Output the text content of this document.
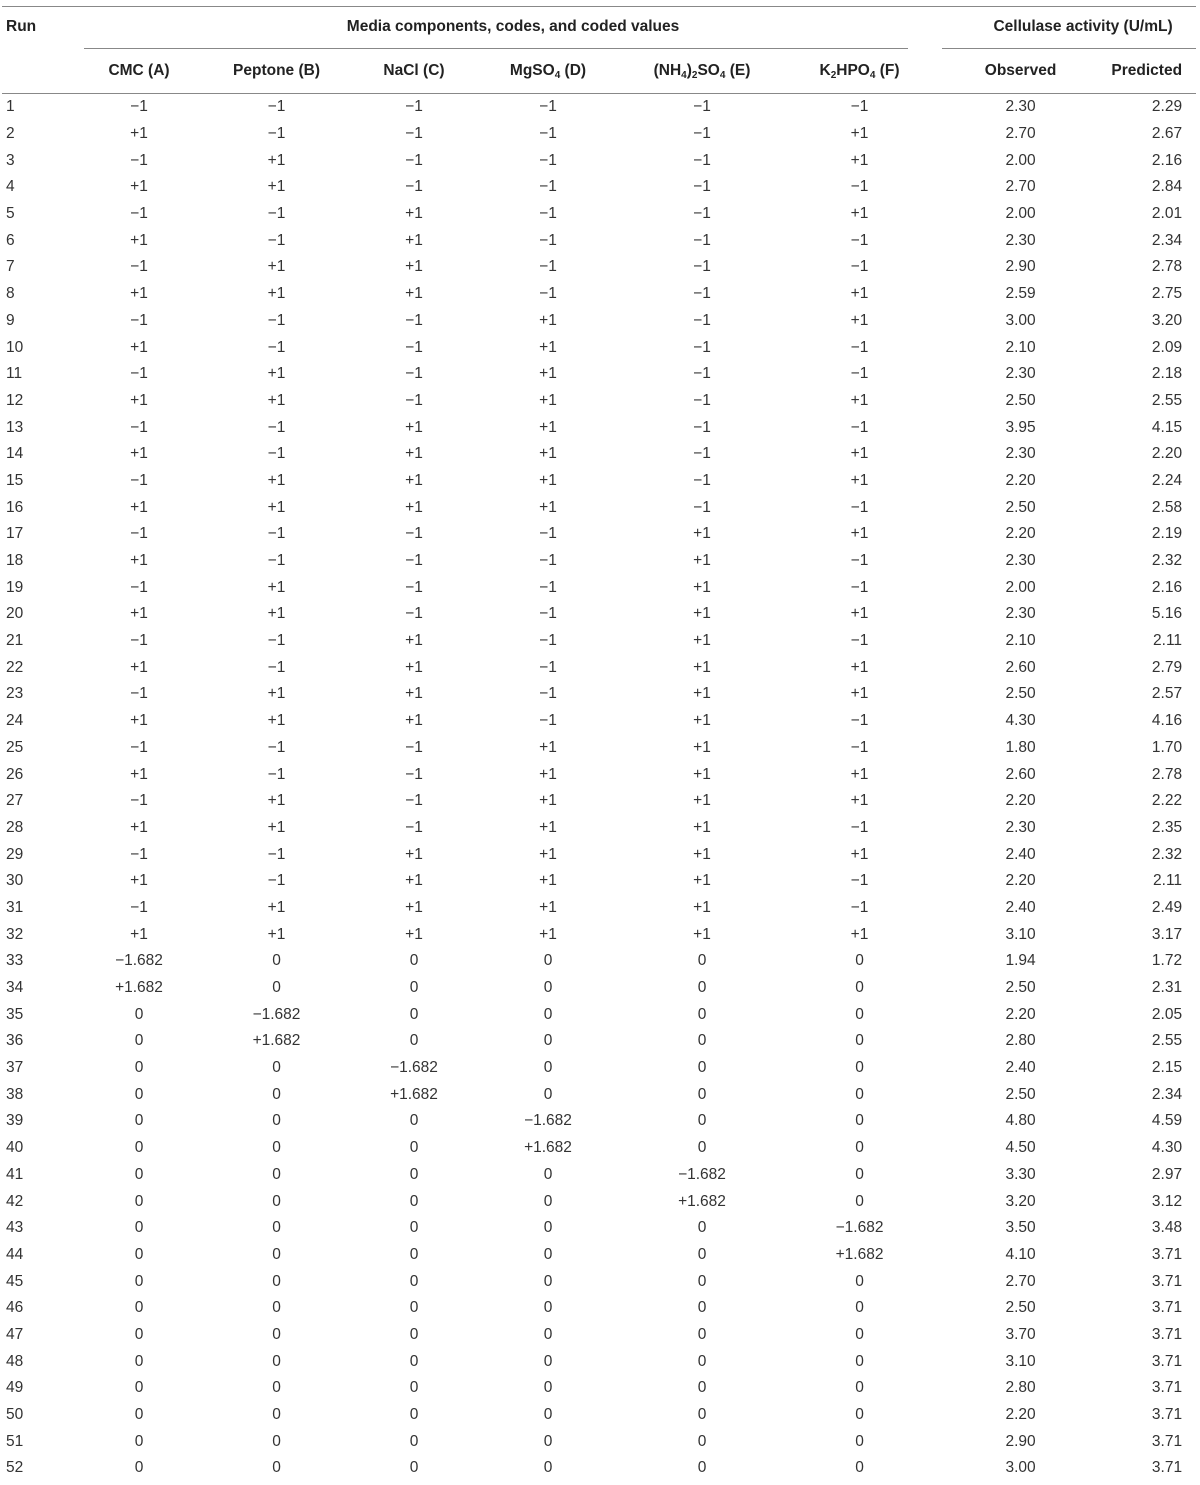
Run	Media components, codes, and coded values							Cellulase activity (U/mL)	
	CMC (A)	Peptone (B)	NaCl (C)	MgSO$_4$ (D)	$(NH_4)_2SO_4$ (E)	$K_2HPO_4$ (F)		Observed	Predicted
1	−1	−1	−1	−1	−1	−1		2.30	2.29
2	+1	−1	−1	−1	−1	+1		2.70	2.67
3	−1	+1	−1	−1	−1	+1		2.00	2.16
4	+1	+1	−1	−1	−1	−1		2.70	2.84
5	−1	−1	+1	−1	−1	+1		2.00	2.01
6	+1	−1	+1	−1	−1	−1		2.30	2.34
7	−1	+1	+1	−1	−1	−1		2.90	2.78
8	+1	+1	+1	−1	−1	+1		2.59	2.75
9	−1	−1	−1	+1	−1	+1		3.00	3.20
10	+1	−1	−1	+1	−1	−1		2.10	2.09
11	−1	+1	−1	+1	−1	−1		2.30	2.18
12	+1	+1	−1	+1	−1	+1		2.50	2.55
13	−1	−1	+1	+1	−1	−1		3.95	4.15
14	+1	−1	+1	+1	−1	+1		2.30	2.20
15	−1	+1	+1	+1	−1	+1		2.20	2.24
16	+1	+1	+1	+1	−1	−1		2.50	2.58
17	−1	−1	−1	−1	+1	+1		2.20	2.19
18	+1	−1	−1	−1	+1	−1		2.30	2.32
19	−1	+1	−1	−1	+1	−1		2.00	2.16
20	+1	+1	−1	−1	+1	+1		2.30	5.16
21	−1	−1	+1	−1	+1	−1		2.10	2.11
22	+1	−1	+1	−1	+1	+1		2.60	2.79
23	−1	+1	+1	−1	+1	+1		2.50	2.57
24	+1	+1	+1	−1	+1	−1		4.30	4.16
25	−1	−1	−1	+1	+1	−1		1.80	1.70
26	+1	−1	−1	+1	+1	+1		2.60	2.78
27	−1	+1	−1	+1	+1	+1		2.20	2.22
28	+1	+1	−1	+1	+1	−1		2.30	2.35
29	−1	−1	+1	+1	+1	+1		2.40	2.32
30	+1	−1	+1	+1	+1	−1		2.20	2.11
31	−1	+1	+1	+1	+1	−1		2.40	2.49
32	+1	+1	+1	+1	+1	+1		3.10	3.17
33	−1.682	0	0	0	0	0		1.94	1.72
34	+1.682	0	0	0	0	0		2.50	2.31
35	0	−1.682	0	0	0	0		2.20	2.05
36	0	+1.682	0	0	0	0		2.80	2.55
37	0	0	−1.682	0	0	0		2.40	2.15
38	0	0	+1.682	0	0	0		2.50	2.34
39	0	0	0	−1.682	0	0		4.80	4.59
40	0	0	0	+1.682	0	0		4.50	4.30
41	0	0	0	0	−1.682	0		3.30	2.97
42	0	0	0	0	+1.682	0		3.20	3.12
43	0	0	0	0	0	−1.682		3.50	3.48
44	0	0	0	0	0	+1.682		4.10	3.71
45	0	0	0	0	0	0		2.70	3.71
46	0	0	0	0	0	0		2.50	3.71
47	0	0	0	0	0	0		3.70	3.71
48	0	0	0	0	0	0		3.10	3.71
49	0	0	0	0	0	0		2.80	3.71
50	0	0	0	0	0	0		2.20	3.71
51	0	0	0	0	0	0		2.90	3.71
52	0	0	0	0	0	0		3.00	3.71
